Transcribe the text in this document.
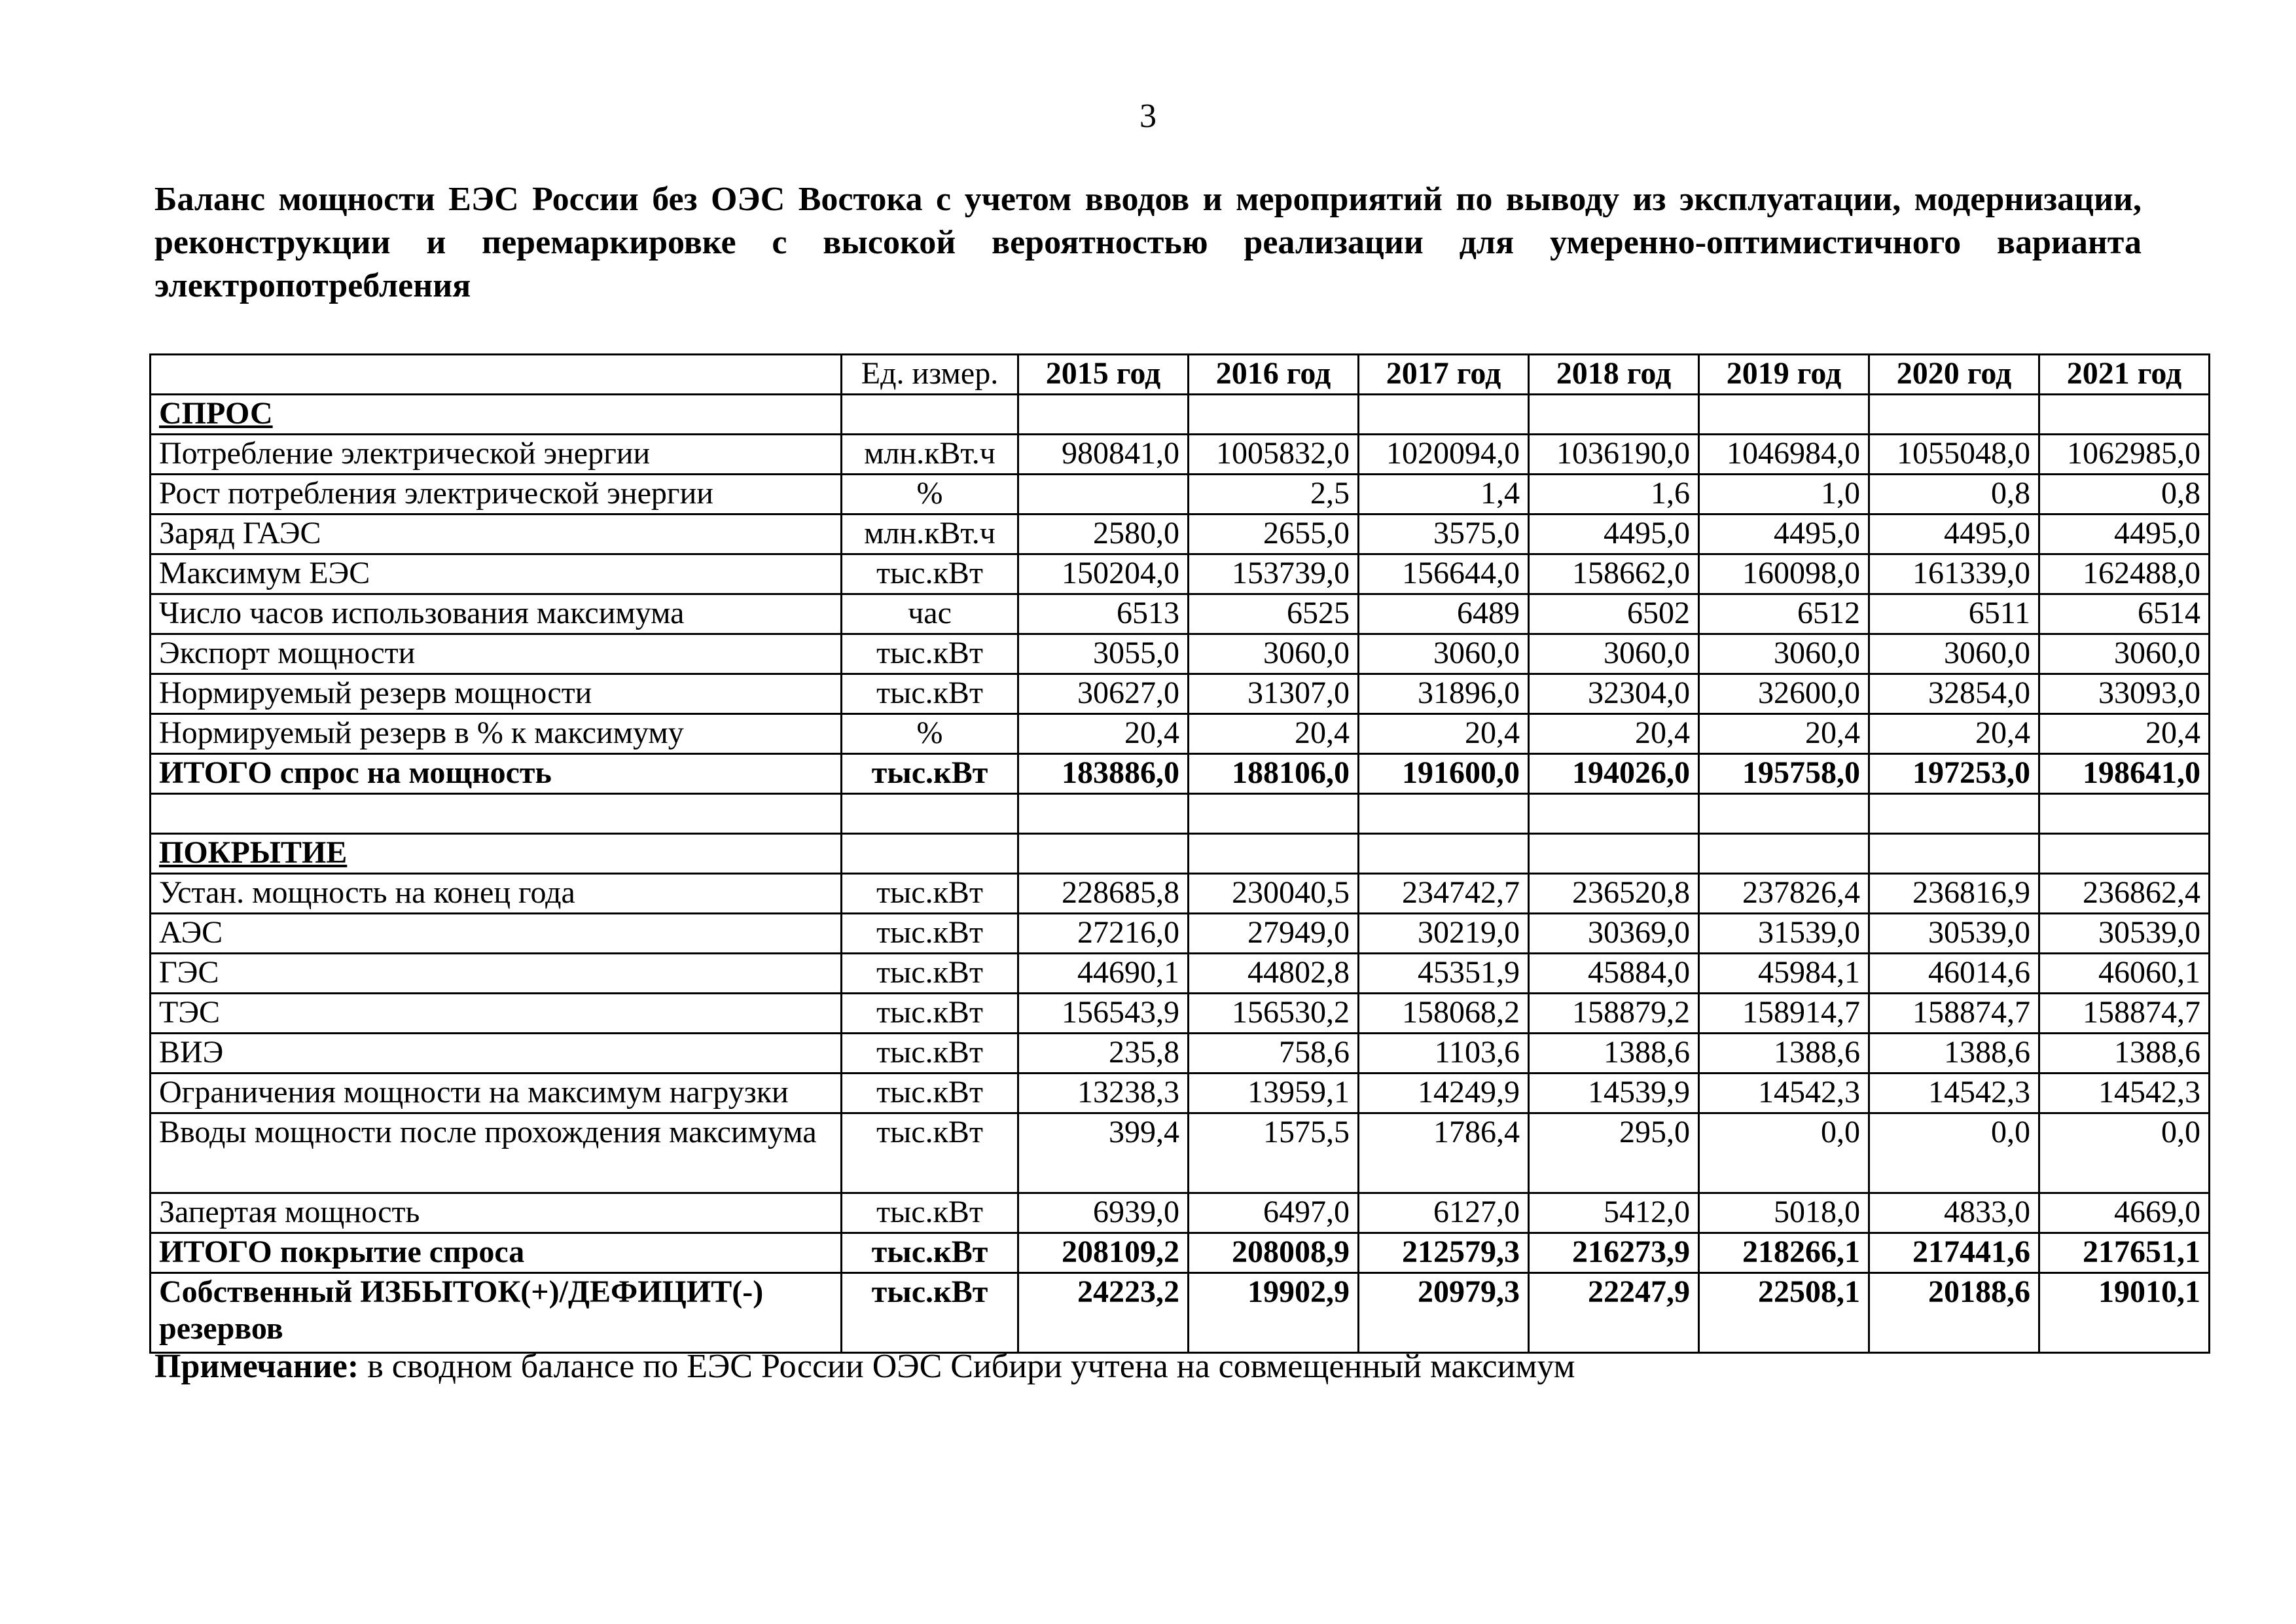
3

Баланс мощности ЕЭС России без ОЭС Востока с учетом вводов и мероприятий по выводу из эксплуатации, модернизации, реконструкции и перемаркировке с высокой вероятностью реализации для умеренно-оптимистичного варианта электропотребления

	Ед. измер.	2015 год	2016 год	2017 год	2018 год	2019 год	2020 год	2021 год
СПРОС								
Потребление электрической энергии	млн.кВт.ч	980841,0	1005832,0	1020094,0	1036190,0	1046984,0	1055048,0	1062985,0
Рост потребления электрической энергии	%		2,5	1,4	1,6	1,0	0,8	0,8
Заряд ГАЭС	млн.кВт.ч	2580,0	2655,0	3575,0	4495,0	4495,0	4495,0	4495,0
Максимум ЕЭС	тыс.кВт	150204,0	153739,0	156644,0	158662,0	160098,0	161339,0	162488,0
Число часов использования максимума	час	6513	6525	6489	6502	6512	6511	6514
Экспорт мощности	тыс.кВт	3055,0	3060,0	3060,0	3060,0	3060,0	3060,0	3060,0
Нормируемый резерв мощности	тыс.кВт	30627,0	31307,0	31896,0	32304,0	32600,0	32854,0	33093,0
Нормируемый резерв в % к максимуму	%	20,4	20,4	20,4	20,4	20,4	20,4	20,4
ИТОГО спрос на мощность	тыс.кВт	183886,0	188106,0	191600,0	194026,0	195758,0	197253,0	198641,0

ПОКРЫТИЕ								
Устан. мощность на конец года	тыс.кВт	228685,8	230040,5	234742,7	236520,8	237826,4	236816,9	236862,4
АЭС	тыс.кВт	27216,0	27949,0	30219,0	30369,0	31539,0	30539,0	30539,0
ГЭС	тыс.кВт	44690,1	44802,8	45351,9	45884,0	45984,1	46014,6	46060,1
ТЭС	тыс.кВт	156543,9	156530,2	158068,2	158879,2	158914,7	158874,7	158874,7
ВИЭ	тыс.кВт	235,8	758,6	1103,6	1388,6	1388,6	1388,6	1388,6
Ограничения мощности на максимум нагрузки	тыс.кВт	13238,3	13959,1	14249,9	14539,9	14542,3	14542,3	14542,3
Вводы мощности после прохождения максимума	тыс.кВт	399,4	1575,5	1786,4	295,0	0,0	0,0	0,0
Запертая мощность	тыс.кВт	6939,0	6497,0	6127,0	5412,0	5018,0	4833,0	4669,0
ИТОГО покрытие спроса	тыс.кВт	208109,2	208008,9	212579,3	216273,9	218266,1	217441,6	217651,1
Собственный ИЗБЫТОК(+)/ДЕФИЦИТ(-) резервов	тыс.кВт	24223,2	19902,9	20979,3	22247,9	22508,1	20188,6	19010,1

Примечание: в сводном балансе по ЕЭС России ОЭС Сибири учтена на совмещенный максимум
